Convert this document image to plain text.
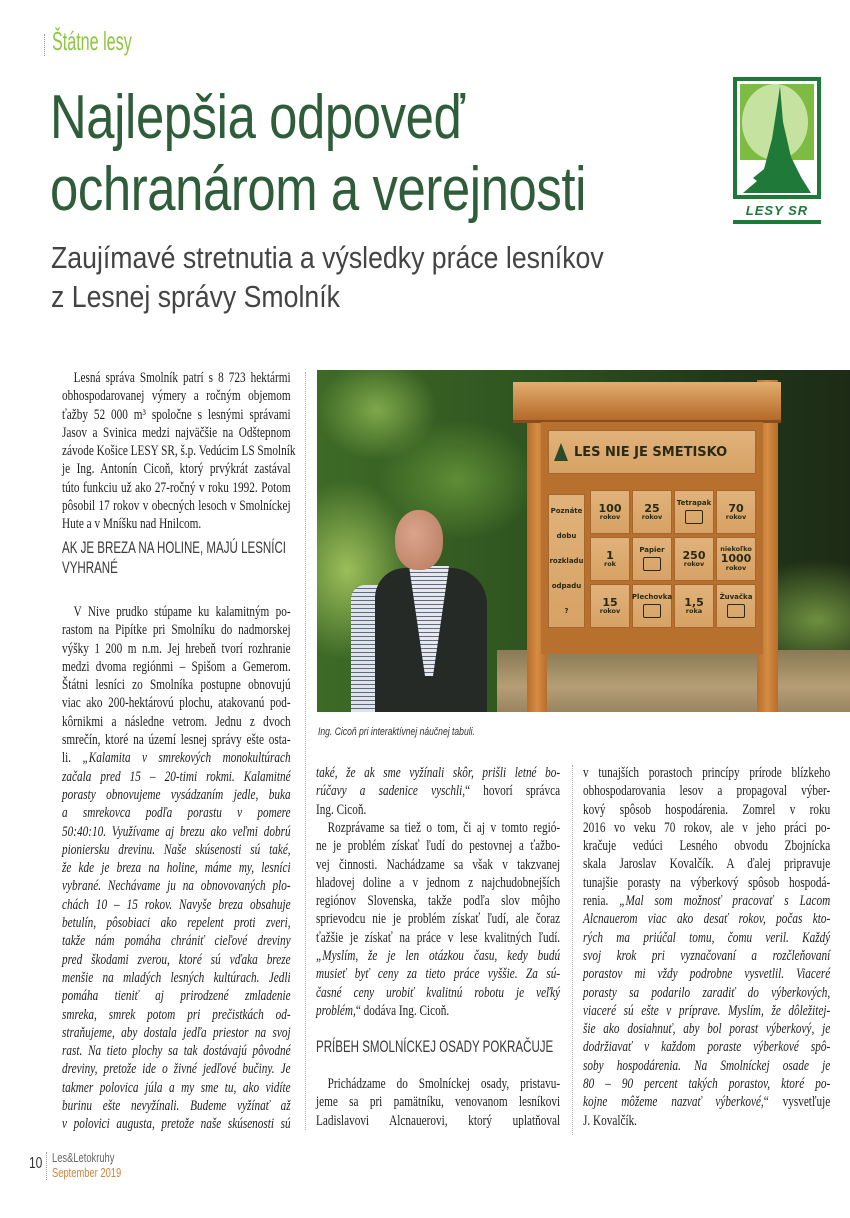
Štátne lesy
Najlepšia odpoveď
ochranárom a verejnosti
Zaujímavé stretnutia a výsledky práce lesníkov
z Lesnej správy Smolník
LESY SR
LES NIE JE SMETISKO
Poznáte
dobu
rozkladu
odpadu
?
100
rokov
25
rokov
Tetrapak 70
rokov
1
rok
Papier 250
rokov
niekoľko
1000
rokov
15
rokov
Plechovka 1,5
roka
Žuvačka
Ing. Cicoň pri interaktívnej náučnej tabuli.
Lesná správa Smolník patrí s 8 723 hektármi
obhospodarovanej výmery a ročným objemom
ťažby 52 000 m³ spoločne s lesnými správami
Jasov a Svinica medzi najväčšie na Odštepnom
závode Košice LESY SR, š.p. Vedúcim LS Smolník
je Ing. Antonín Cicoň, ktorý prvýkrát zastával
túto funkciu už ako 27-ročný v roku 1992. Potom
pôsobil 17 rokov v obecných lesoch v Smolníckej
Hute a v Mníšku nad Hnilcom.
AK JE BREZA NA HOLINE, MAJÚ LESNÍCI
VYHRANÉ
V Nive prudko stúpame ku kalamitným po-
rastom na Pipítke pri Smolníku do nadmorskej
výšky 1 200 m n.m. Jej hrebeň tvorí rozhranie
medzi dvoma regiónmi – Spišom a Gemerom.
Štátni lesníci zo Smolníka postupne obnovujú
viac ako 200-hektárovú plochu, atakovanú pod-
kôrnikmi a následne vetrom. Jednu z dvoch
smrečín, ktoré na území lesnej správy ešte osta-
li. „Kalamita v smrekových monokultúrach
začala pred 15 – 20-timi rokmi. Kalamitné
porasty obnovujeme vysádzaním jedle, buka
a smrekovca podľa porastu v pomere
50:40:10. Využívame aj brezu ako veľmi dobrú
pioniersku drevinu. Naše skúsenosti sú také,
že kde je breza na holine, máme my, lesníci
vybrané. Nechávame ju na obnovovaných plo-
chách 10 – 15 rokov. Navyše breza obsahuje
betulín, pôsobiaci ako repelent proti zveri,
takže nám pomáha chrániť cieľové dreviny
pred škodami zverou, ktoré sú vďaka breze
menšie na mladých lesných kultúrach. Jedli
pomáha tieniť aj prirodzené zmladenie
smreka, smrek potom pri prečistkách od-
straňujeme, aby dostala jedľa priestor na svoj
rast. Na tieto plochy sa tak dostávajú pôvodné
dreviny, pretože ide o živné jedľové bučiny. Je
takmer polovica júla a my sme tu, ako vidíte
burinu ešte nevyžínali. Budeme vyžínať až
v polovici augusta, pretože naše skúsenosti sú
také, že ak sme vyžínali skôr, prišli letné bo-
rúčavy a sadenice vyschli,“ hovorí správca
Ing. Cicoň.
PRÍBEH SMOLNÍCKEJ OSADY POKRAČUJE
Prichádzame do Smolníckej osady, pristavu-
jeme sa pri pamätníku, venovanom lesníkovi
Ladislavovi Alcnauerovi, ktorý uplatňoval
Rozprávame sa tiež o tom, či aj v tomto regió-
ne je problém získať ľudí do pestovnej a ťažbo-
vej činnosti. Nachádzame sa však v takzvanej
hladovej doline a v jednom z najchudobnejších
regiónov Slovenska, takže podľa slov môjho
sprievodcu nie je problém získať ľudí, ale čoraz
ťažšie je získať na práce v lese kvalitných ľudí.
„Myslím, že je len otázkou času, kedy budú
musieť byť ceny za tieto práce vyššie. Za sú-
časné ceny urobiť kvalitnú robotu je veľký
problém,“ dodáva Ing. Cicoň.
v tunajších porastoch princípy prírode blízkeho
obhospodarovania lesov a propagoval výber-
kový spôsob hospodárenia. Zomrel v roku
2016 vo veku 70 rokov, ale v jeho práci po-
kračuje vedúci Lesného obvodu Zbojnícka
skala Jaroslav Kovalčík. A ďalej pripravuje
tunajšie porasty na výberkový spôsob hospodá-
renia. „Mal som možnosť pracovať s Lacom
Alcnauerom viac ako desať rokov, počas kto-
rých ma priúčal tomu, čomu veril. Každý
svoj krok pri vyznačovaní a rozčleňovaní
porastov mi vždy podrobne vysvetlil. Viaceré
porasty sa podarilo zaradiť do výberkových,
viaceré sú ešte v príprave. Myslím, že dôležitej-
šie ako dosiahnuť, aby bol porast výberkový, je
dodržiavať v každom poraste výberkové spô-
soby hospodárenia. Na Smolníckej osade je
80 – 90 percent takých porastov, ktoré po-
kojne môžeme nazvať výberkové,“ vysvetľuje
J. Kovalčík.
10 Les&Letokruhy
September 2019
